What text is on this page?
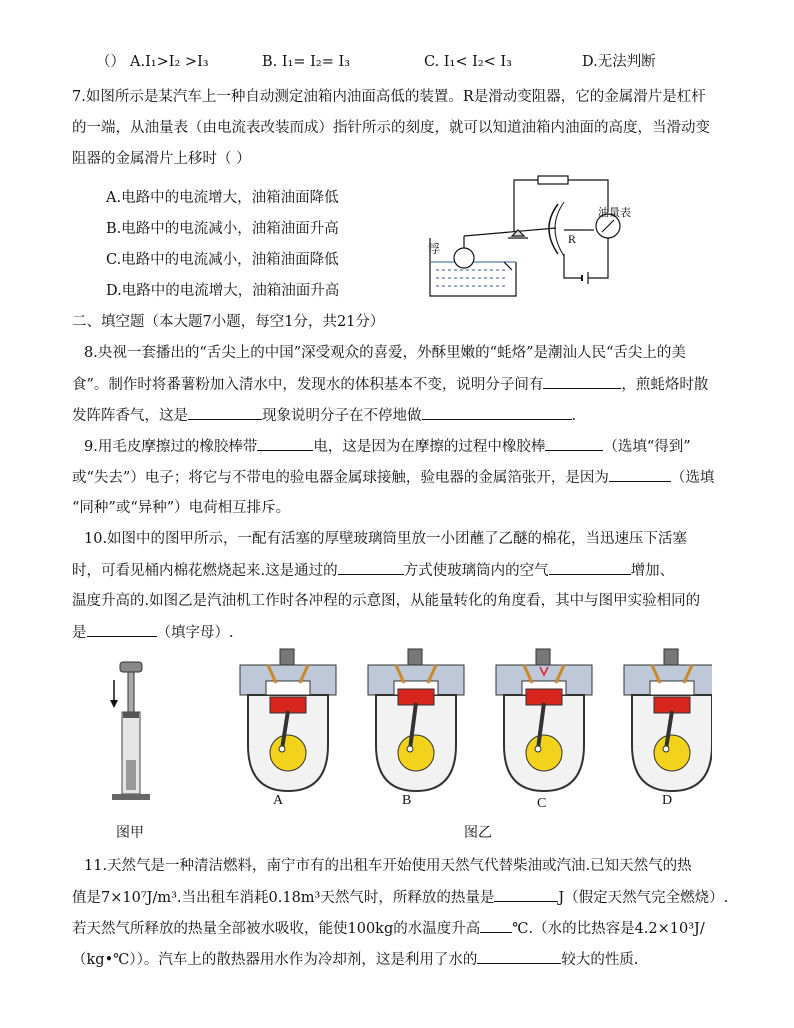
（） A.I₁>I₂ >I₃	B. I₁= I₂= I₃	C. I₁< I₂< I₃	D.无法判断
7.如图所示是某汽车上一种自动测定油箱内油面高低的装置。R是滑动变阻器，它的金属滑片是杠杆
的一端，从油量表（由电流表改装而成）指针所示的刻度，就可以知道油箱内油面的高度，当滑动变
阻器的金属滑片上移时（ ）
A.电路中的电流增大，油箱油面降低
B.电路中的电流减小，油箱油面升高
C.电路中的电流减小，油箱油面降低
D.电路中的电流增大，油箱油面升高
浮
油量表
R
二、填空题（本大题7小题，每空1分，共21分）
8.央视一套播出的“舌尖上的中国”深受观众的喜爱，外酥里嫩的“蚝烙”是潮汕人民“舌尖上的美
食”。制作时将番薯粉加入清水中，发现水的体积基本不变，说明分子间有	，煎蚝烙时散
发阵阵香气，这是	现象说明分子在不停地做	.
9.用毛皮摩擦过的橡胶棒带	电，这是因为在摩擦的过程中橡胶棒	（选填“得到”
或“失去”）电子；将它与不带电的验电器金属球接触，验电器的金属箔张开，是因为	（选填
“同种”或“异种”）电荷相互排斥。
10.如图中的图甲所示，一配有活塞的厚壁玻璃筒里放一小团蘸了乙醚的棉花，当迅速压下活塞
时，可看见桶内棉花燃烧起来.这是通过的	方式使玻璃筒内的空气	增加、
温度升高的.如图乙是汽油机工作时各冲程的示意图，从能量转化的角度看，其中与图甲实验相同的
是	（填字母）.
图甲
A	B	C	D
图乙
11.天然气是一种清洁燃料，南宁市有的出租车开始使用天然气代替柴油或汽油.已知天然气的热
值是7×10⁷J/m³.当出租车消耗0.18m³天然气时，所释放的热量是	J（假定天然气完全燃烧）.
若天然气所释放的热量全部被水吸收，能使100kg的水温度升高 ℃.（水的比热容是4.2×10³J/
（kg•℃））。汽车上的散热器用水作为冷却剂，这是利用了水的	较大的性质.
